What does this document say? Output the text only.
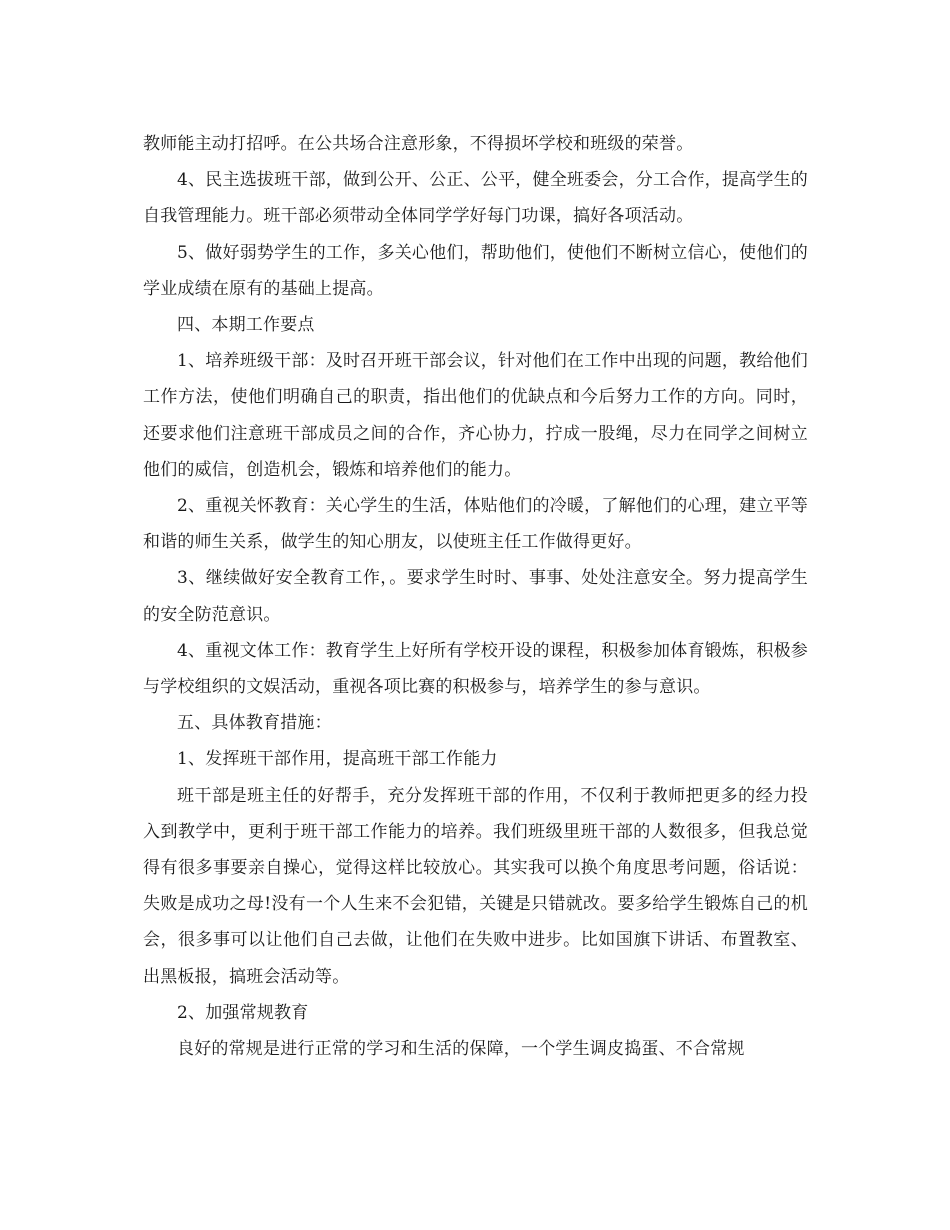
教师能主动打招呼。在公共场合注意形象，不得损坏学校和班级的荣誉。

4、民主选拔班干部，做到公开、公正、公平，健全班委会，分工合作，提高学生的自我管理能力。班干部必须带动全体同学学好每门功课，搞好各项活动。

5、做好弱势学生的工作，多关心他们，帮助他们，使他们不断树立信心，使他们的学业成绩在原有的基础上提高。

四、本期工作要点

1、培养班级干部：及时召开班干部会议，针对他们在工作中出现的问题，教给他们工作方法，使他们明确自己的职责，指出他们的优缺点和今后努力工作的方向。同时，还要求他们注意班干部成员之间的合作，齐心协力，拧成一股绳，尽力在同学之间树立他们的威信，创造机会，锻炼和培养他们的能力。

2、重视关怀教育：关心学生的生活，体贴他们的冷暖，了解他们的心理，建立平等和谐的师生关系，做学生的知心朋友，以使班主任工作做得更好。

3、继续做好安全教育工作，。要求学生时时、事事、处处注意安全。努力提高学生的安全防范意识。

4、重视文体工作：教育学生上好所有学校开设的课程，积极参加体育锻炼，积极参与学校组织的文娱活动，重视各项比赛的积极参与，培养学生的参与意识。

五、具体教育措施：

1、发挥班干部作用，提高班干部工作能力

班干部是班主任的好帮手，充分发挥班干部的作用，不仅利于教师把更多的经力投入到教学中，更利于班干部工作能力的培养。我们班级里班干部的人数很多，但我总觉得有很多事要亲自操心，觉得这样比较放心。其实我可以换个角度思考问题，俗话说：失败是成功之母!没有一个人生来不会犯错，关键是只错就改。要多给学生锻炼自己的机会，很多事可以让他们自己去做，让他们在失败中进步。比如国旗下讲话、布置教室、出黑板报，搞班会活动等。

2、加强常规教育

良好的常规是进行正常的学习和生活的保障，一个学生调皮捣蛋、不合常规
